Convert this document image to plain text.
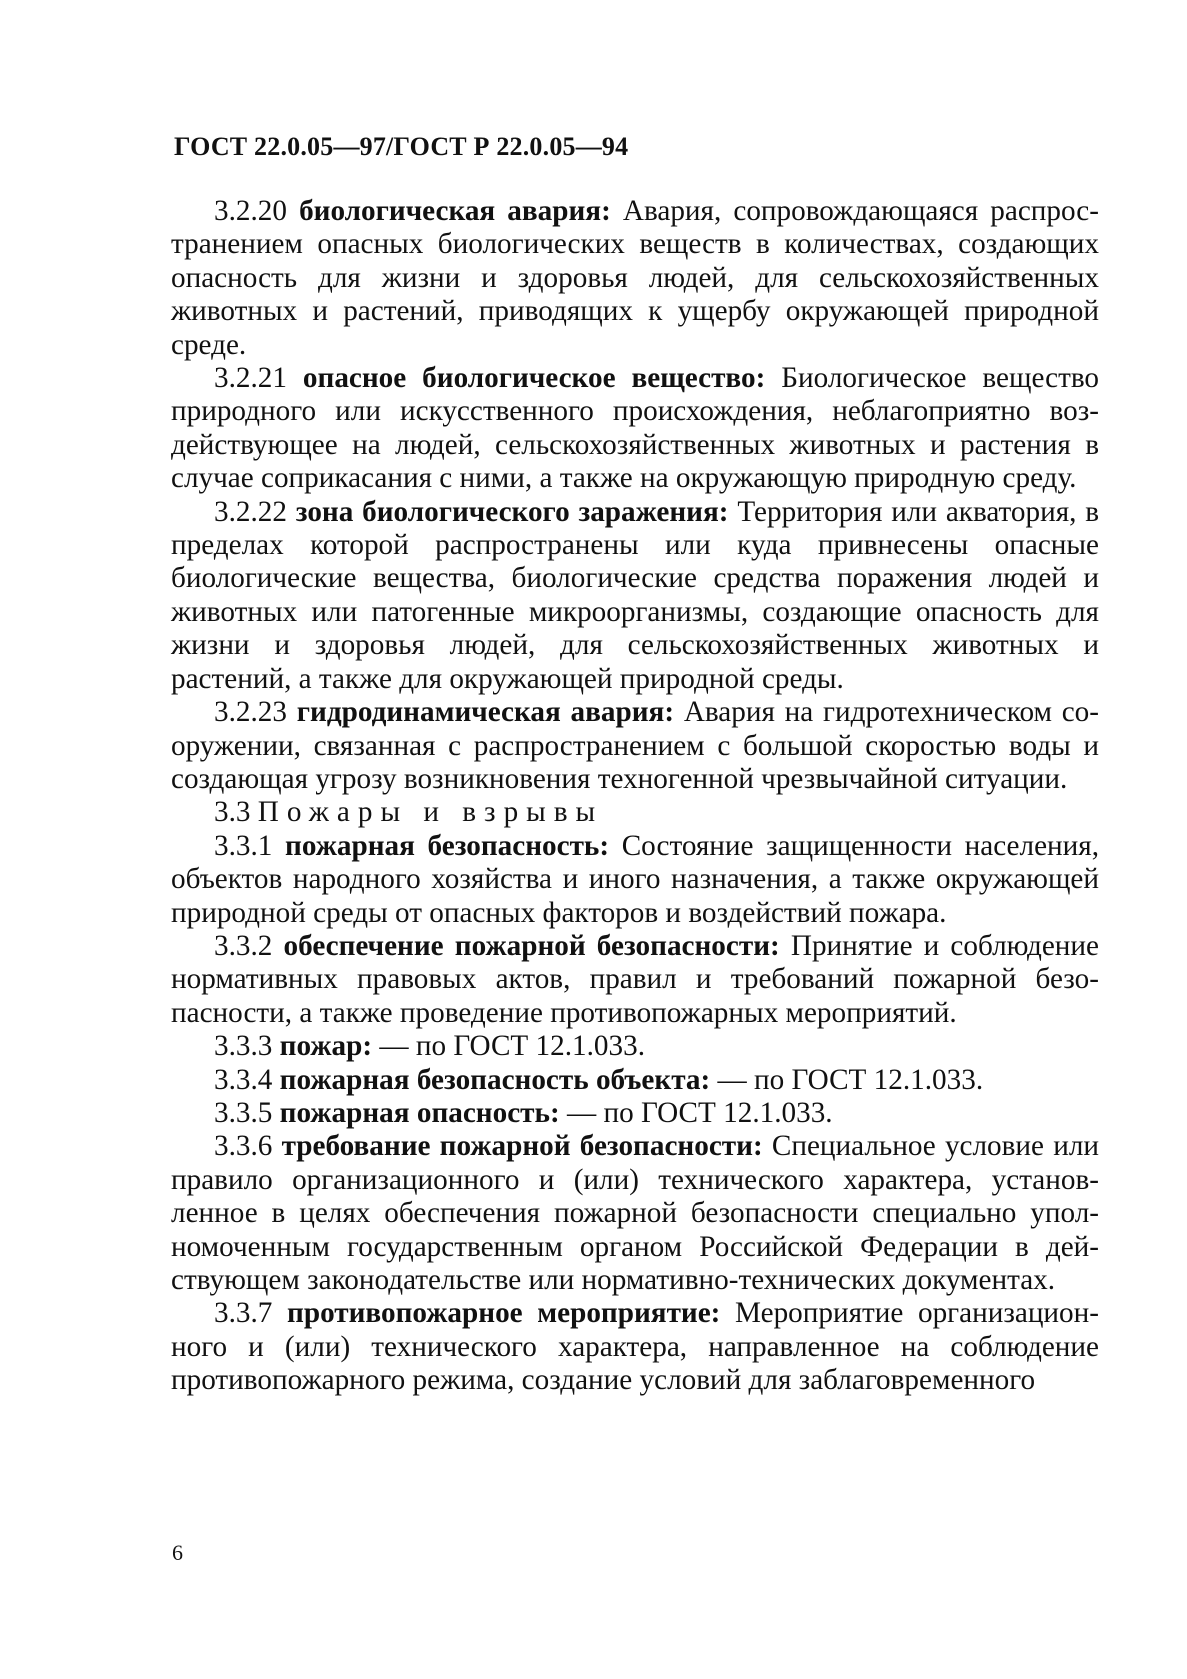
ГОСТ 22.0.05—97/ГОСТ Р 22.0.05—94

3.2.20 биологическая авария: Авария, сопровождающаяся распространением опасных биологических веществ в количествах, создающих опасность для жизни и здоровья людей, для сельскохозяйственных животных и растений, приводящих к ущербу окружающей природной среде.

3.2.21 опасное биологическое вещество: Биологическое вещество природного или искусственного происхождения, неблагоприятно воздействующее на людей, сельскохозяйственных животных и растения в случае соприкасания с ними, а также на окружающую природную среду.

3.2.22 зона биологического заражения: Территория или акватория, в пределах которой распространены или куда привнесены опасные биологические вещества, биологические средства поражения людей и животных или патогенные микроорганизмы, создающие опасность для жизни и здоровья людей, для сельскохозяйственных животных и растений, а также для окружающей природной среды.

3.2.23 гидродинамическая авария: Авария на гидротехническом сооружении, связанная с распространением с большой скоростью воды и создающая угрозу возникновения техногенной чрезвычайной ситуации.

3.3 Пожары и взрывы

3.3.1 пожарная безопасность: Состояние защищенности населения, объектов народного хозяйства и иного назначения, а также окружающей природной среды от опасных факторов и воздействий пожара.

3.3.2 обеспечение пожарной безопасности: Принятие и соблюдение нормативных правовых актов, правил и требований пожарной безопасности, а также проведение противопожарных мероприятий.

3.3.3 пожар: — по ГОСТ 12.1.033.

3.3.4 пожарная безопасность объекта: — по ГОСТ 12.1.033.

3.3.5 пожарная опасность: — по ГОСТ 12.1.033.

3.3.6 требование пожарной безопасности: Специальное условие или правило организационного и (или) технического характера, установленное в целях обеспечения пожарной безопасности специально уполномоченным государственным органом Российской Федерации в действующем законодательстве или нормативно-технических документах.

3.3.7 противопожарное мероприятие: Мероприятие организационного и (или) технического характера, направленное на соблюдение противопожарного режима, создание условий для заблаговременного

6
